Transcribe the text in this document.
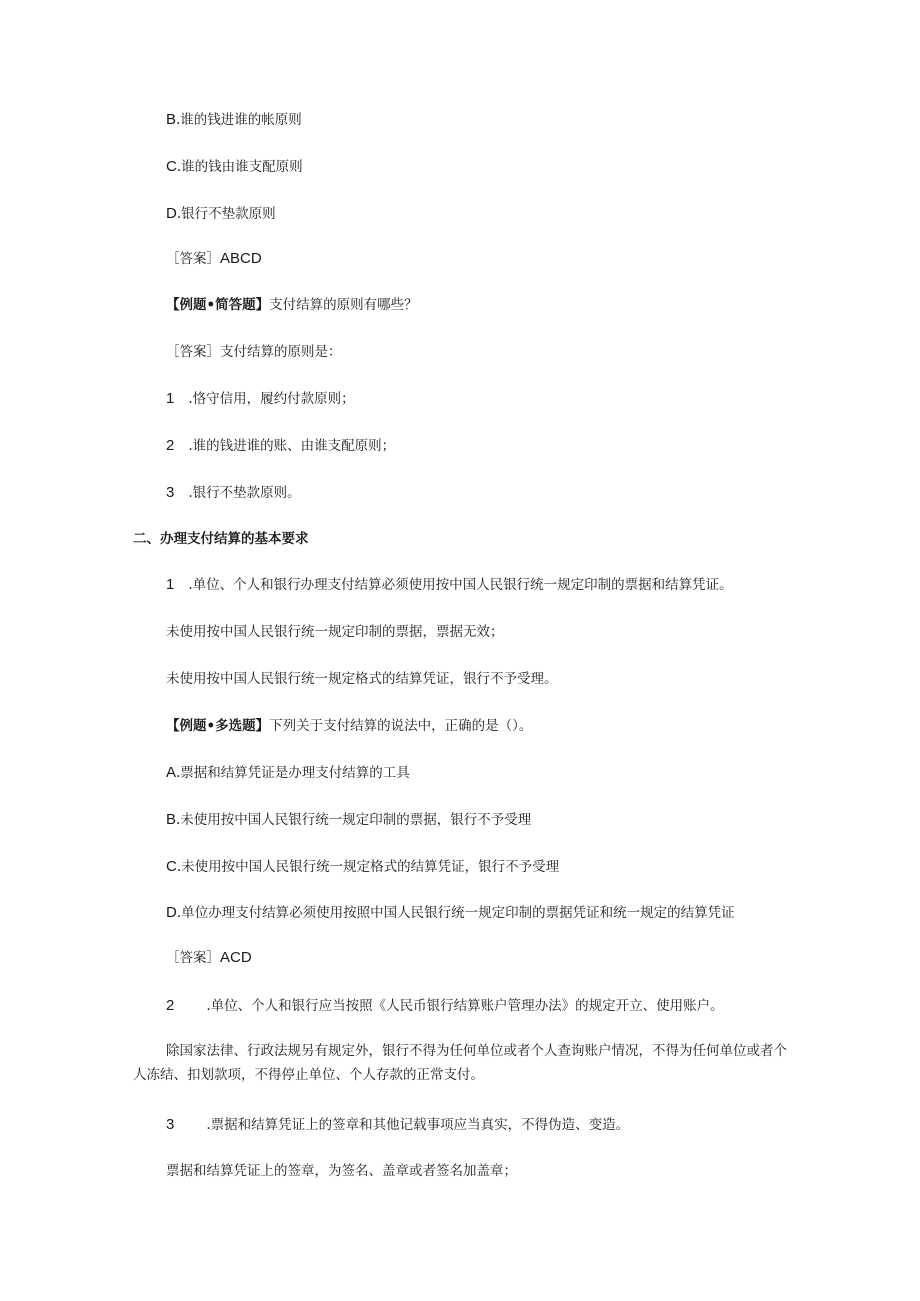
B.谁的钱进谁的帐原则
C.谁的钱由谁支配原则
D.银行不垫款原则
［答案］ABCD
【例题•简答题】支付结算的原则有哪些？
［答案］支付结算的原则是：
1 .恪守信用，履约付款原则；
2 .谁的钱进谁的账、由谁支配原则；
3 .银行不垫款原则。
二、办理支付结算的基本要求
1 .单位、个人和银行办理支付结算必须使用按中国人民银行统一规定印制的票据和结算凭证。
未使用按中国人民银行统一规定印制的票据，票据无效；
未使用按中国人民银行统一规定格式的结算凭证，银行不予受理。
【例题•多选题】下列关于支付结算的说法中，正确的是（）。
A.票据和结算凭证是办理支付结算的工具
B.未使用按中国人民银行统一规定印制的票据，银行不予受理
C.未使用按中国人民银行统一规定格式的结算凭证，银行不予受理
D.单位办理支付结算必须使用按照中国人民银行统一规定印制的票据凭证和统一规定的结算凭证
［答案］ACD
2 .单位、个人和银行应当按照《人民币银行结算账户管理办法》的规定开立、使用账户。
除国家法律、行政法规另有规定外，银行不得为任何单位或者个人查询账户情况，不得为任何单位或者个人冻结、扣划款项，不得停止单位、个人存款的正常支付。
3 .票据和结算凭证上的签章和其他记载事项应当真实，不得伪造、变造。
票据和结算凭证上的签章，为签名、盖章或者签名加盖章；
